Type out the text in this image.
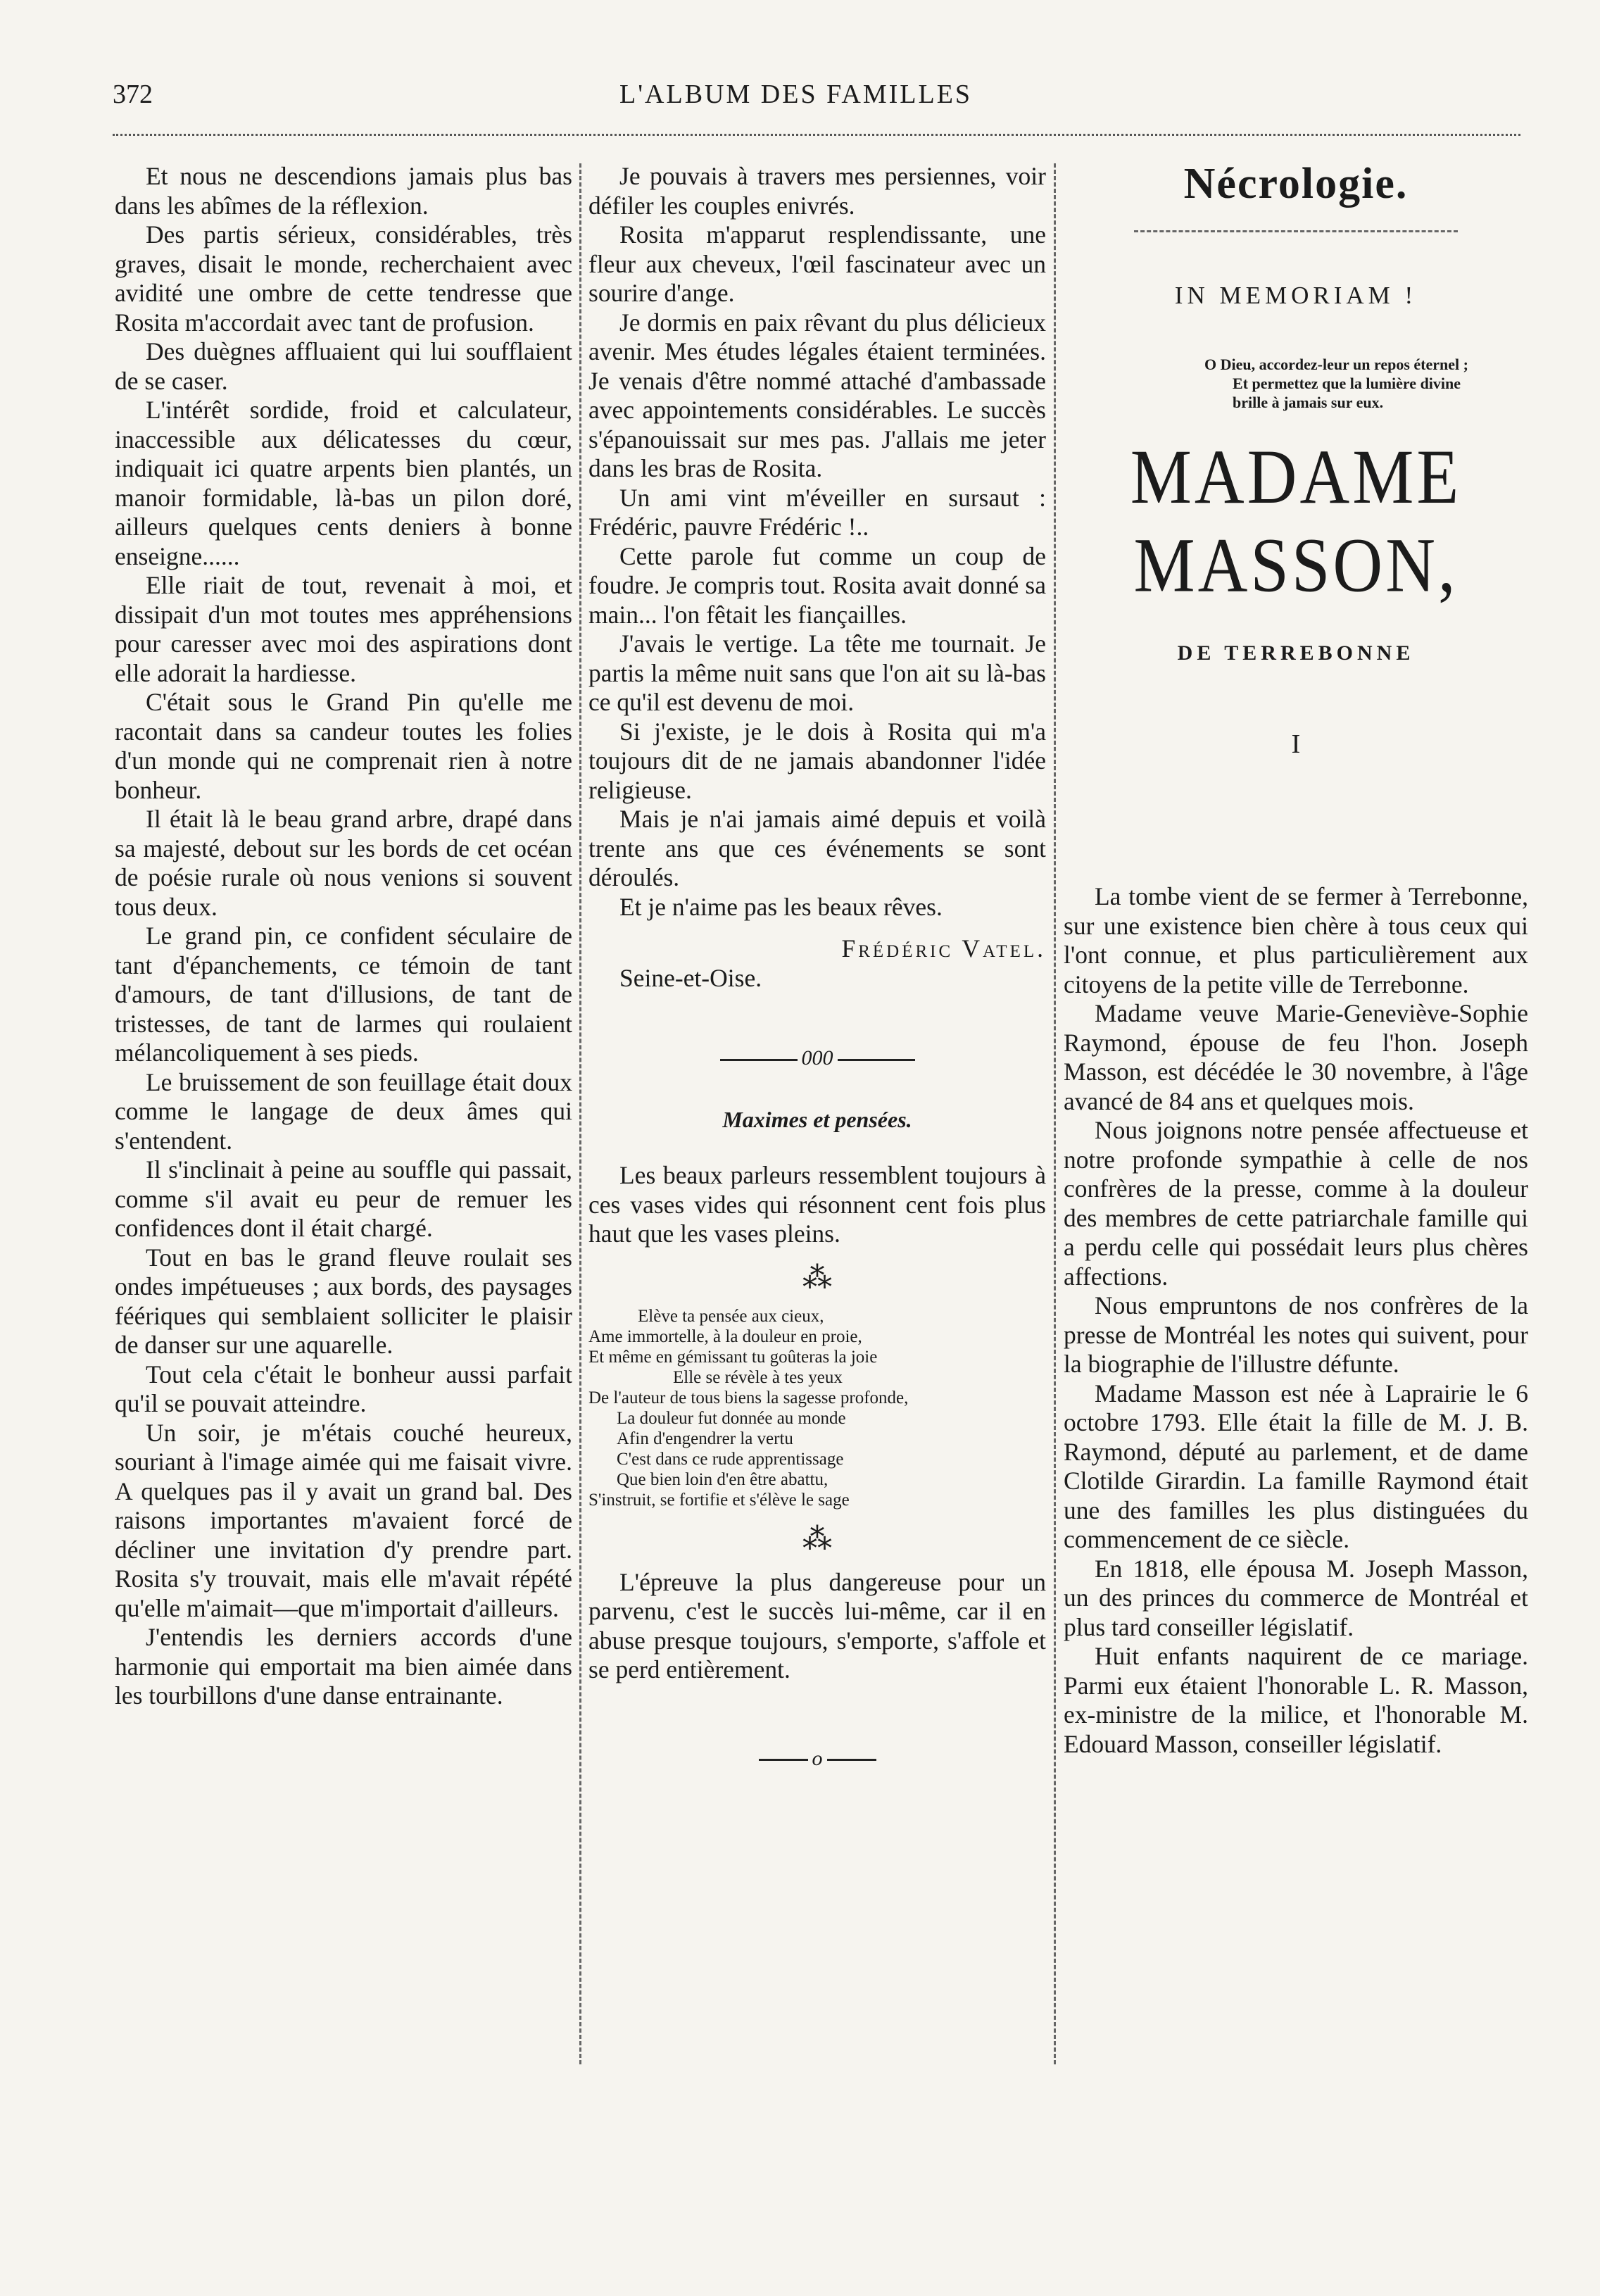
372	L'ALBUM DES FAMILLES

Et nous ne descendions jamais plus bas dans les abîmes de la réflexion.

Des partis sérieux, considérables, très graves, disait le monde, recherchaient avec avidité une ombre de cette tendresse que Rosita m'accordait avec tant de profusion.

Des duègnes affluaient qui lui soufflaient de se caser.

L'intérêt sordide, froid et calculateur, inaccessible aux délicatesses du cœur, indiquait ici quatre arpents bien plantés, un manoir formidable, là-bas un pilon doré, ailleurs quelques cents deniers à bonne enseigne......

Elle riait de tout, revenait à moi, et dissipait d'un mot toutes mes appréhensions pour caresser avec moi des aspirations dont elle adorait la hardiesse.

C'était sous le Grand Pin qu'elle me racontait dans sa candeur toutes les folies d'un monde qui ne comprenait rien à notre bonheur.

Il était là le beau grand arbre, drapé dans sa majesté, debout sur les bords de cet océan de poésie rurale où nous venions si souvent tous deux.

Le grand pin, ce confident séculaire de tant d'épanchements, ce témoin de tant d'amours, de tant d'illusions, de tant de tristesses, de tant de larmes qui roulaient mélancoliquement à ses pieds.

Le bruissement de son feuillage était doux comme le langage de deux âmes qui s'entendent.

Il s'inclinait à peine au souffle qui passait, comme s'il avait eu peur de remuer les confidences dont il était chargé.

Tout en bas le grand fleuve roulait ses ondes impétueuses ; aux bords, des paysages féériques qui semblaient solliciter le plaisir de danser sur une aquarelle.

Tout cela c'était le bonheur aussi parfait qu'il se pouvait atteindre.

Un soir, je m'étais couché heureux, souriant à l'image aimée qui me faisait vivre. A quelques pas il y avait un grand bal. Des raisons importantes m'avaient forcé de décliner une invitation d'y prendre part. Rosita s'y trouvait, mais elle m'avait répété qu'elle m'aimait—que m'importait d'ailleurs.

J'entendis les derniers accords d'une harmonie qui emportait ma bien aimée dans les tourbillons d'une danse entrainante.

Je pouvais à travers mes persiennes, voir défiler les couples enivrés.

Rosita m'apparut resplendissante, une fleur aux cheveux, l'œil fascinateur avec un sourire d'ange.

Je dormis en paix rêvant du plus délicieux avenir. Mes études légales étaient terminées. Je venais d'être nommé attaché d'ambassade avec appointements considérables. Le succès s'épanouissait sur mes pas. J'allais me jeter dans les bras de Rosita.

Un ami vint m'éveiller en sursaut : Frédéric, pauvre Frédéric !..

Cette parole fut comme un coup de foudre. Je compris tout. Rosita avait donné sa main... l'on fêtait les fiançailles.

J'avais le vertige. La tête me tournait. Je partis la même nuit sans que l'on ait su là-bas ce qu'il est devenu de moi.

Si j'existe, je le dois à Rosita qui m'a toujours dit de ne jamais abandonner l'idée religieuse.

Mais je n'ai jamais aimé depuis et voilà trente ans que ces événements se sont déroulés.

Et je n'aime pas les beaux rêves.

Frédéric Vatel.

Seine-et-Oise.

000
Maximes et pensées.

Les beaux parleurs ressemblent toujours à ces vases vides qui résonnent cent fois plus haut que les vases pleins.

⁂
Elève ta pensée aux cieux,
Ame immortelle, à la douleur en proie,
Et même en gémissant tu goûteras la joie
Elle se révèle à tes yeux
De l'auteur de tous biens la sagesse profonde,
La douleur fut donnée au monde
Afin d'engendrer la vertu
C'est dans ce rude apprentissage
Que bien loin d'en être abattu,
S'instruit, se fortifie et s'élève le sage
⁂

L'épreuve la plus dangereuse pour un parvenu, c'est le succès lui-même, car il en abuse presque toujours, s'emporte, s'affole et se perd entièrement.

o
Nécrologie.
IN MEMORIAM !
O Dieu, accordez-leur un repos éternel ;
Et permettez que la lumière divine brille à jamais sur eux.
MADAME MASSON,
DE TERREBONNE
I

La tombe vient de se fermer à Terrebonne, sur une existence bien chère à tous ceux qui l'ont connue, et plus particulièrement aux citoyens de la petite ville de Terrebonne.

Madame veuve Marie-Geneviève-Sophie Raymond, épouse de feu l'hon. Joseph Masson, est décédée le 30 novembre, à l'âge avancé de 84 ans et quelques mois.

Nous joignons notre pensée affectueuse et notre profonde sympathie à celle de nos confrères de la presse, comme à la douleur des membres de cette patriarchale famille qui a perdu celle qui possédait leurs plus chères affections.

Nous empruntons de nos confrères de la presse de Montréal les notes qui suivent, pour la biographie de l'illustre défunte.

Madame Masson est née à Laprairie le 6 octobre 1793. Elle était la fille de M. J. B. Raymond, député au parlement, et de dame Clotilde Girardin. La famille Raymond était une des familles les plus distinguées du commencement de ce siècle.

En 1818, elle épousa M. Joseph Masson, un des princes du commerce de Montréal et plus tard conseiller législatif.

Huit enfants naquirent de ce mariage. Parmi eux étaient l'honorable L. R. Masson, ex-ministre de la milice, et l'honorable M. Edouard Masson, conseiller législatif.
